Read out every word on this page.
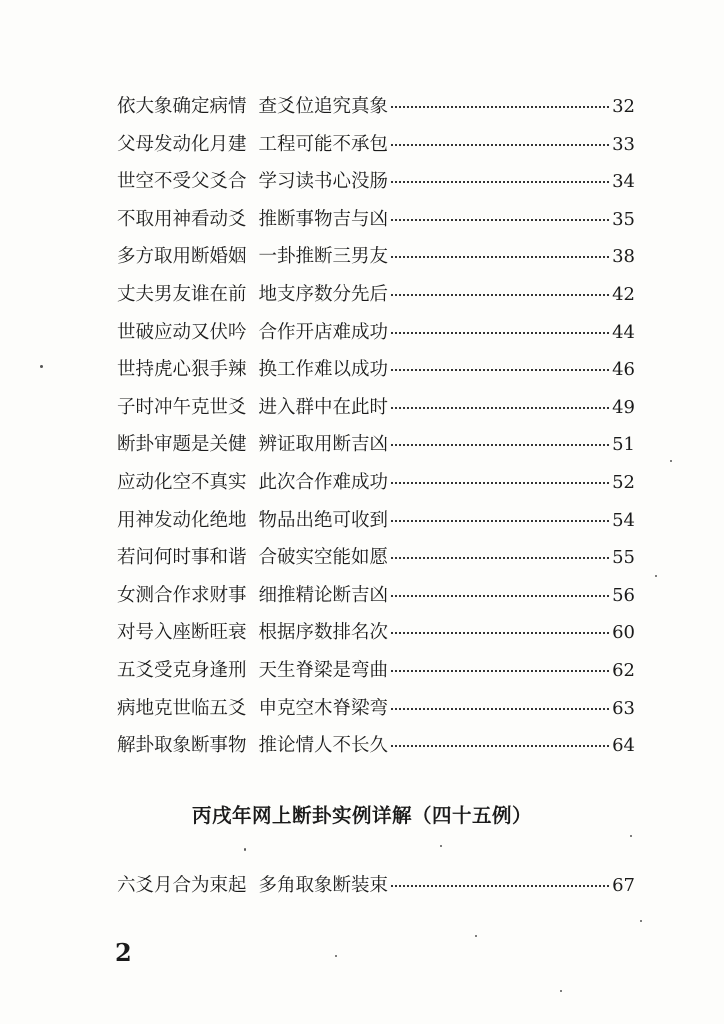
依大象确定病情 查爻位追究真象	32
父母发动化月建 工程可能不承包	33
世空不受父爻合 学习读书心没肠	34
不取用神看动爻 推断事物吉与凶	35
多方取用断婚姻 一卦推断三男友	38
丈夫男友谁在前 地支序数分先后	42
世破应动又伏吟 合作开店难成功	44
世持虎心狠手辣 换工作难以成功	46
子时冲午克世爻 进入群中在此时	49
断卦审题是关健 辨证取用断吉凶	51
应动化空不真实 此次合作难成功	52
用神发动化绝地 物品出绝可收到	54
若问何时事和谐 合破实空能如愿	55
女测合作求财事 细推精论断吉凶	56
对号入座断旺衰 根据序数排名次	60
五爻受克身逢刑 天生脊梁是弯曲	62
病地克世临五爻 申克空木脊梁弯	63
解卦取象断事物 推论情人不长久	64
丙戌年网上断卦实例详解（四十五例）
六爻月合为束起 多角取象断装束	67
2
